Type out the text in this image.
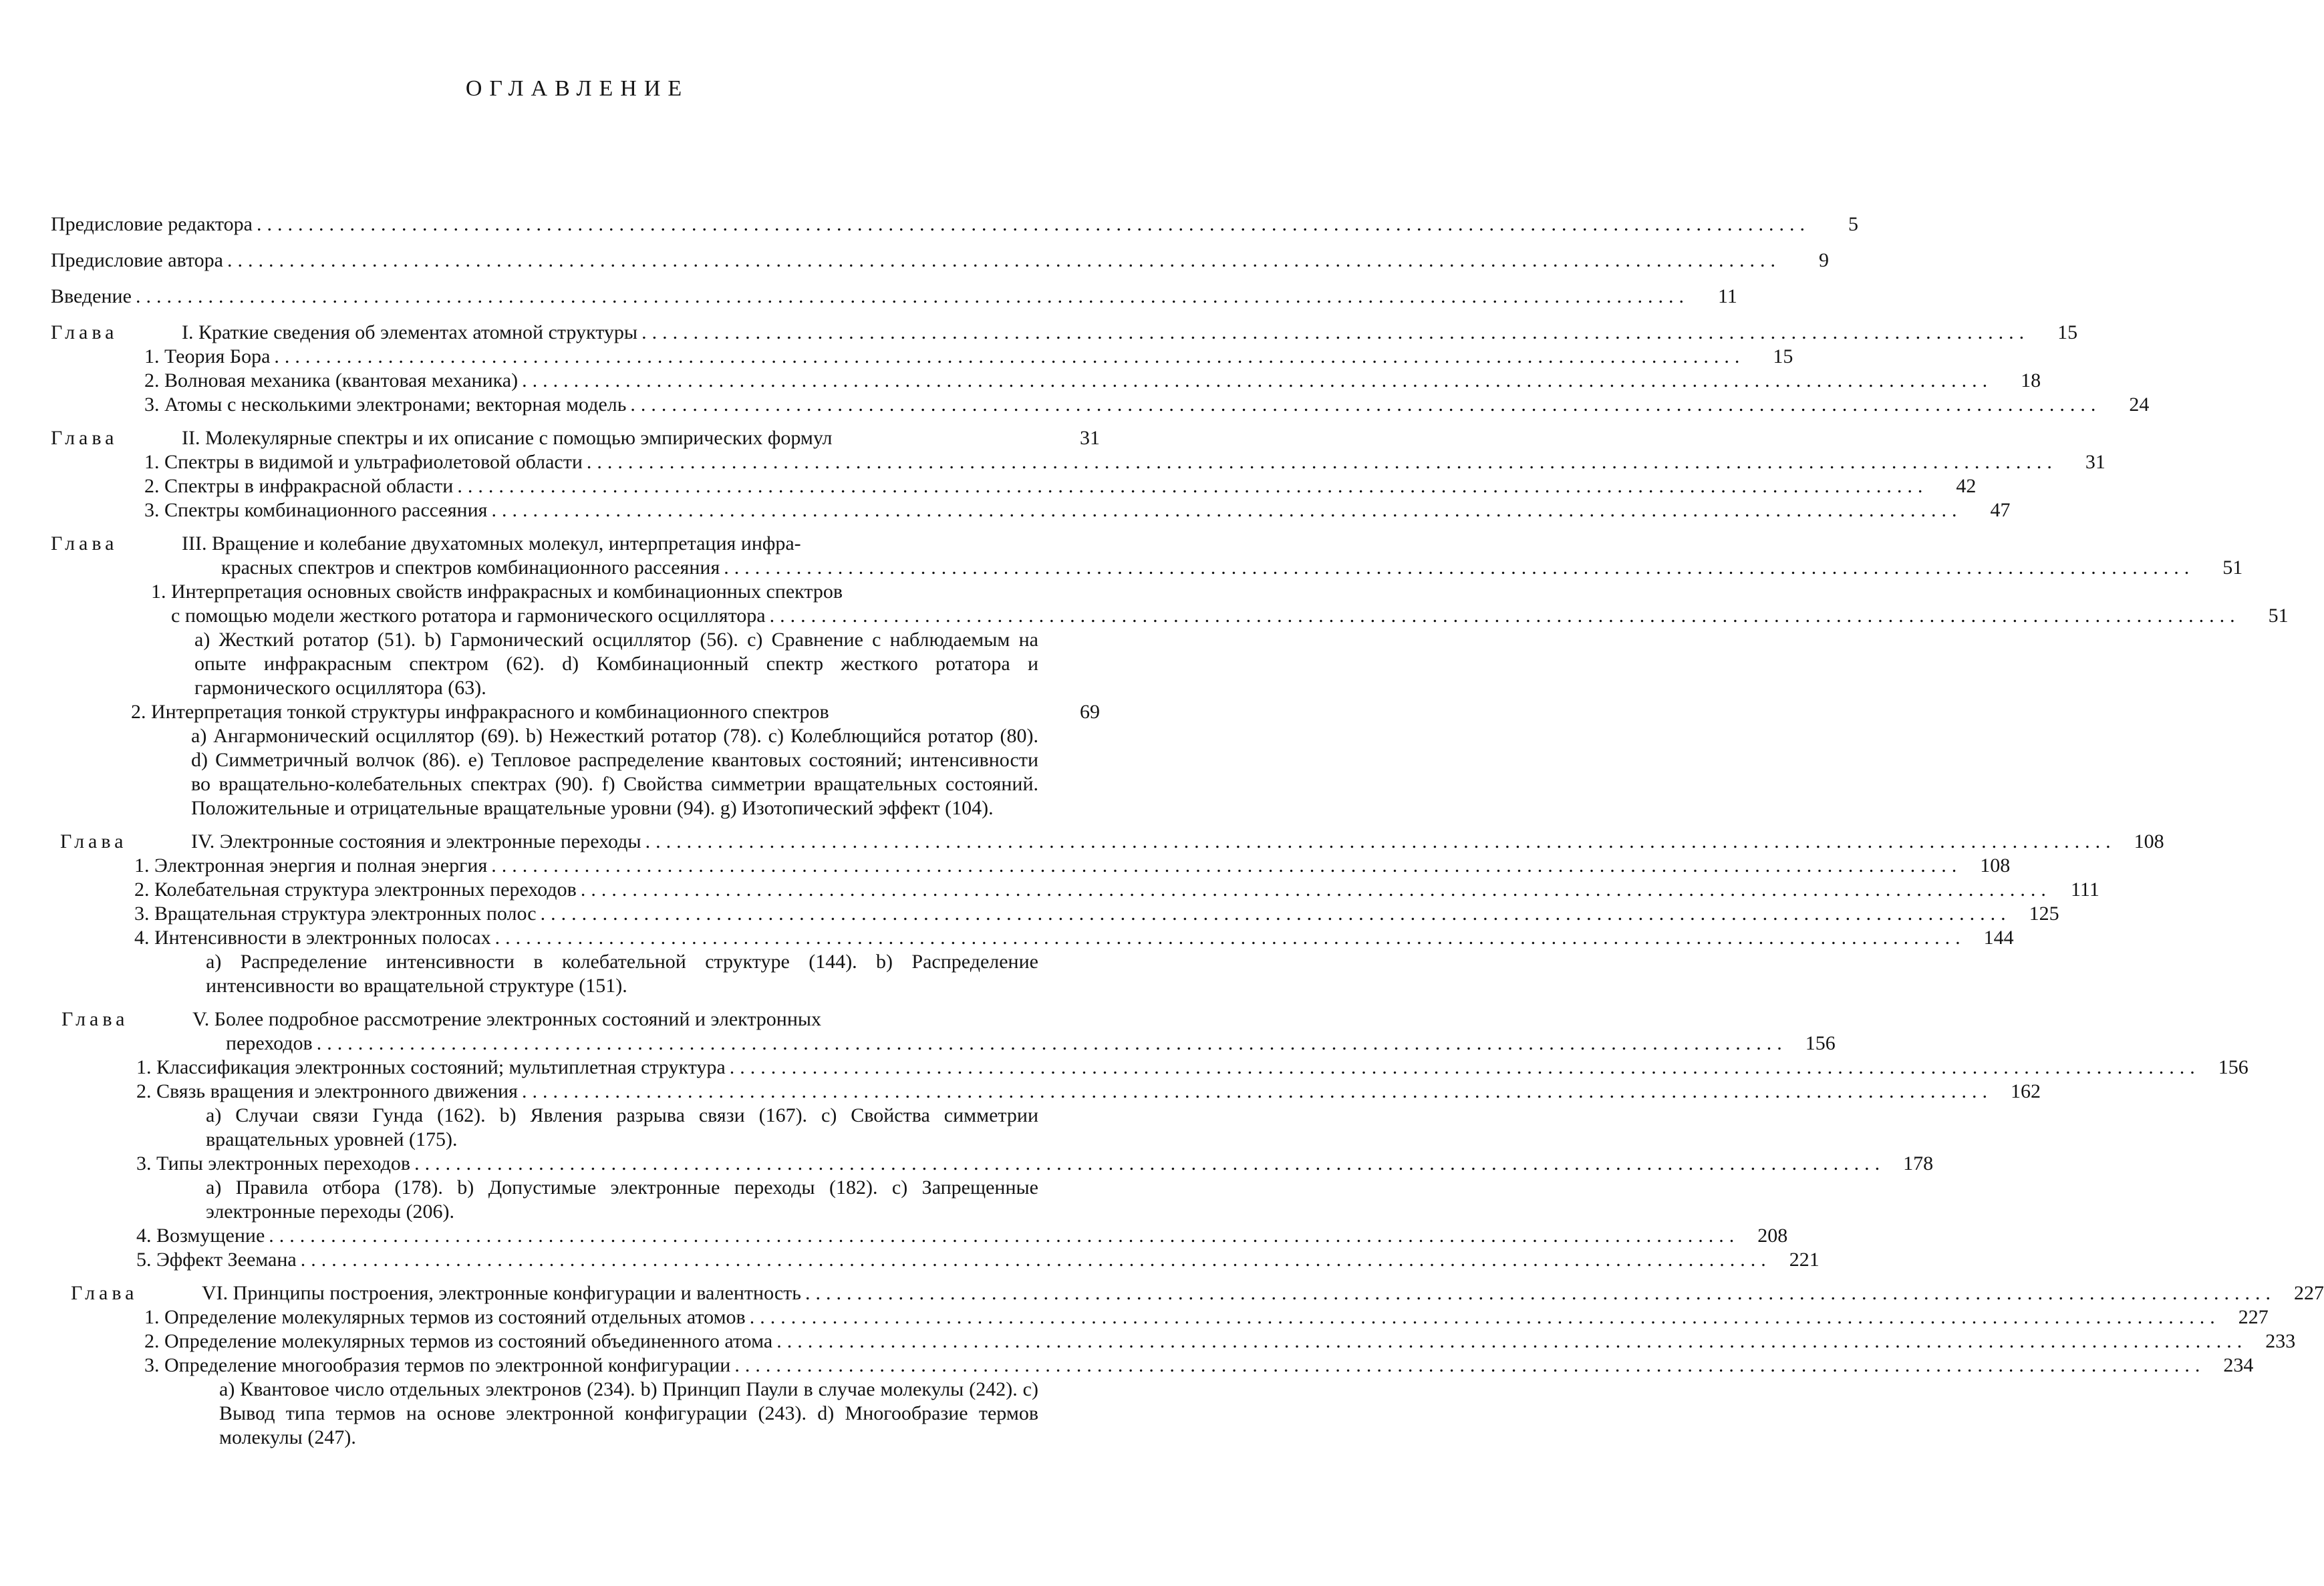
ОГЛАВЛЕНИЕ
Предисловие редактора ......................................................................................................................................................	5
Предисловие автора ......................................................................................................................................................	9
Введение ......................................................................................................................................................	11
Глава	I. Краткие сведения об элементах атомной структуры ......................................................................................................................................	15
1. Теория Бора ..............................................................................................................................................	15
2. Волновая механика (квантовая механика) ..............................................................................................................................................	18
3. Атомы с несколькими электронами; векторная модель ..............................................................................................................................................	24
Глава	II. Молекулярные спектры и их описание с помощью эмпирических формул	31
1. Спектры в видимой и ультрафиолетовой области ..............................................................................................................................................	31
2. Спектры в инфракрасной области ..............................................................................................................................................	42
3. Спектры комбинационного рассеяния ..............................................................................................................................................	47
Глава	III. Вращение и колебание двухатомных молекул, интерпретация инфра-
красных спектров и спектров комбинационного рассеяния ..............................................................................................................................................	51
1. Интерпретация основных свойств инфракрасных и комбинационных спектров
с помощью модели жесткого ротатора и гармонического осциллятора ..............................................................................................................................................	51
a) Жесткий ротатор (51). b) Гармонический осциллятор (56). c) Сравнение с наблюдаемым на опыте инфракрасным спектром (62). d) Комбинационный спектр жесткого ротатора и гармонического осциллятора (63).
2. Интерпретация тонкой структуры инфракрасного и комбинационного спектров	69
a) Ангармонический осциллятор (69). b) Нежесткий ротатор (78). c) Колеблющийся ротатор (80). d) Симметричный волчок (86). e) Тепловое распределение квантовых состояний; интенсивности во вращательно-колебательных спектрах (90). f) Свойства симметрии вращательных состояний. Положительные и отрицательные вращательные уровни (94). g) Изотопический эффект (104).
Глава	IV. Электронные состояния и электронные переходы .............................................................................................................................................. 108
1. Электронная энергия и полная энергия .............................................................................................................................................. 108
2. Колебательная структура электронных переходов .............................................................................................................................................. 111
3. Вращательная структура электронных полос .............................................................................................................................................. 125
4. Интенсивности в электронных полосах .............................................................................................................................................. 144
a) Распределение интенсивности в колебательной структуре (144). b) Распределение интенсивности во вращательной структуре (151).
Глава	V. Более подробное рассмотрение электронных состояний и электронных
переходов .............................................................................................................................................. 156
1. Классификация электронных состояний; мультиплетная структура .............................................................................................................................................. 156
2. Связь вращения и электронного движения .............................................................................................................................................. 162
a) Случаи связи Гунда (162). b) Явления разрыва связи (167). c) Свойства симметрии вращательных уровней (175).
3. Типы электронных переходов .............................................................................................................................................. 178
a) Правила отбора (178). b) Допустимые электронные переходы (182). c) Запрещенные электронные переходы (206).
4. Возмущение .............................................................................................................................................. 208
5. Эффект Зеемана .............................................................................................................................................. 221
Глава	VI. Принципы построения, электронные конфигурации и валентность .............................................................................................................................................. 227
1. Определение молекулярных термов из состояний отдельных атомов .............................................................................................................................................. 227
2. Определение молекулярных термов из состояний объединенного атома .............................................................................................................................................. 233
3. Определение многообразия термов по электронной конфигурации .............................................................................................................................................. 234
a) Квантовое число отдельных электронов (234). b) Принцип Паули в случае молекулы (242). c) Вывод типа термов на основе электронной конфигурации (243). d) Многообразие термов молекулы (247).
